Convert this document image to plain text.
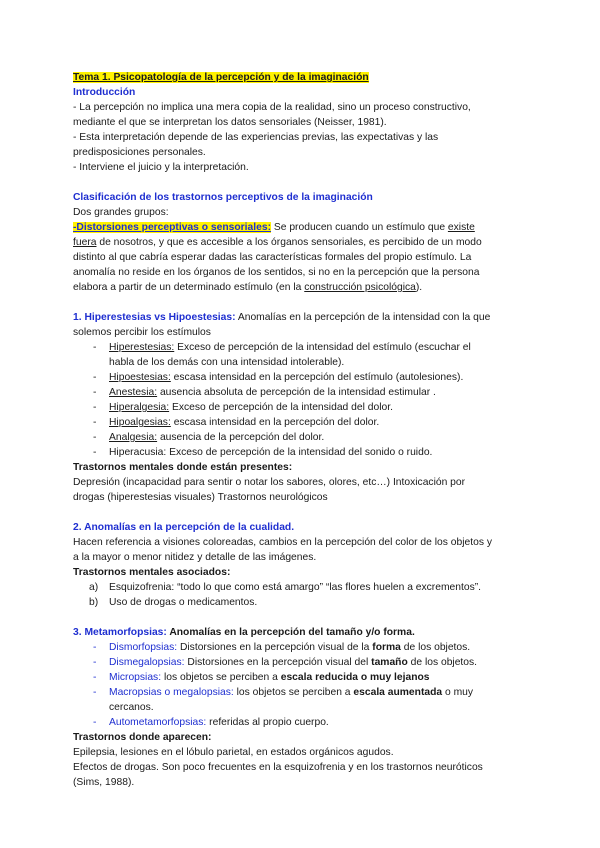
Tema 1. Psicopatología de la percepción y de la imaginación

Introducción

- La percepción no implica una mera copia de la realidad, sino un proceso constructivo,

mediante el que se interpretan los datos sensoriales (Neisser, 1981).

- Esta interpretación depende de las experiencias previas, las expectativas y las

predisposiciones personales.

- Interviene el juicio y la interpretación.

Clasificación de los trastornos perceptivos de la imaginación

Dos grandes grupos:

-Distorsiones perceptivas o sensoriales: Se producen cuando un estímulo que existe

fuera de nosotros, y que es accesible a los órganos sensoriales, es percibido de un modo

distinto al que cabría esperar dadas las características formales del propio estímulo. La

anomalía no reside en los órganos de los sentidos, si no en la percepción que la persona

elabora a partir de un determinado estímulo (en la construcción psicológica).

1. Hiperestesias vs Hipoestesias: Anomalías en la percepción de la intensidad con la que

solemos percibir los estímulos

- Hiperestesias: Exceso de percepción de la intensidad del estímulo (escuchar el

habla de los demás con una intensidad intolerable).

- Hipoestesias: escasa intensidad en la percepción del estímulo (autolesiones).

- Anestesia: ausencia absoluta de percepción de la intensidad estimular .

- Hiperalgesia: Exceso de percepción de la intensidad del dolor.

- Hipoalgesias: escasa intensidad en la percepción del dolor.

- Analgesia: ausencia de la percepción del dolor.

- Hiperacusia: Exceso de percepción de la intensidad del sonido o ruido.

Trastornos mentales donde están presentes:

Depresión (incapacidad para sentir o notar los sabores, olores, etc…) Intoxicación por

drogas (hiperestesias visuales) Trastornos neurológicos

2. Anomalías en la percepción de la cualidad.

Hacen referencia a visiones coloreadas, cambios en la percepción del color de los objetos y

a la mayor o menor nitidez y detalle de las imágenes.

Trastornos mentales asociados:

a) Esquizofrenia: “todo lo que como está amargo” “las flores huelen a excrementos”.

b) Uso de drogas o medicamentos.

3. Metamorfopsias: Anomalías en la percepción del tamaño y/o forma.

- Dismorfopsias: Distorsiones en la percepción visual de la forma de los objetos.

- Dismegalopsias: Distorsiones en la percepción visual del tamaño de los objetos.

- Micropsias: los objetos se perciben a escala reducida o muy lejanos

- Macropsias o megalopsias: los objetos se perciben a escala aumentada o muy

cercanos.

- Autometamorfopsias: referidas al propio cuerpo.

Trastornos donde aparecen:

Epilepsia, lesiones en el lóbulo parietal, en estados orgánicos agudos.

Efectos de drogas. Son poco frecuentes en la esquizofrenia y en los trastornos neuróticos

(Sims, 1988).
